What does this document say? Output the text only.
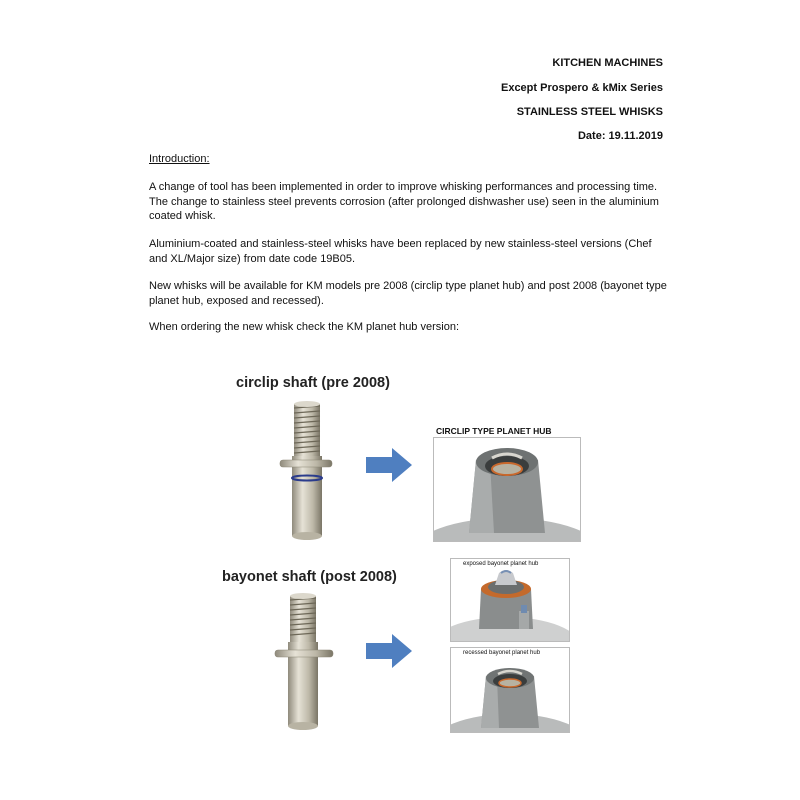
KITCHEN MACHINES
Except Prospero & kMix Series
STAINLESS STEEL WHISKS
Date: 19.11.2019
Introduction:
A change of tool has been implemented in order to improve whisking performances and processing time. The change to stainless steel prevents corrosion (after prolonged dishwasher use) seen in the aluminium coated whisk.
Aluminium-coated and stainless-steel whisks have been replaced by new stainless-steel versions (Chef and XL/Major size) from date code 19B05.
New whisks will be available for KM models pre 2008 (circlip type planet hub) and post 2008 (bayonet type planet hub, exposed and recessed).
When ordering the new whisk check the KM planet hub version:
circlip shaft (pre 2008)
bayonet shaft (post 2008)
CIRCLIP TYPE PLANET HUB
exposed bayonet planet hub
recessed bayonet planet hub
